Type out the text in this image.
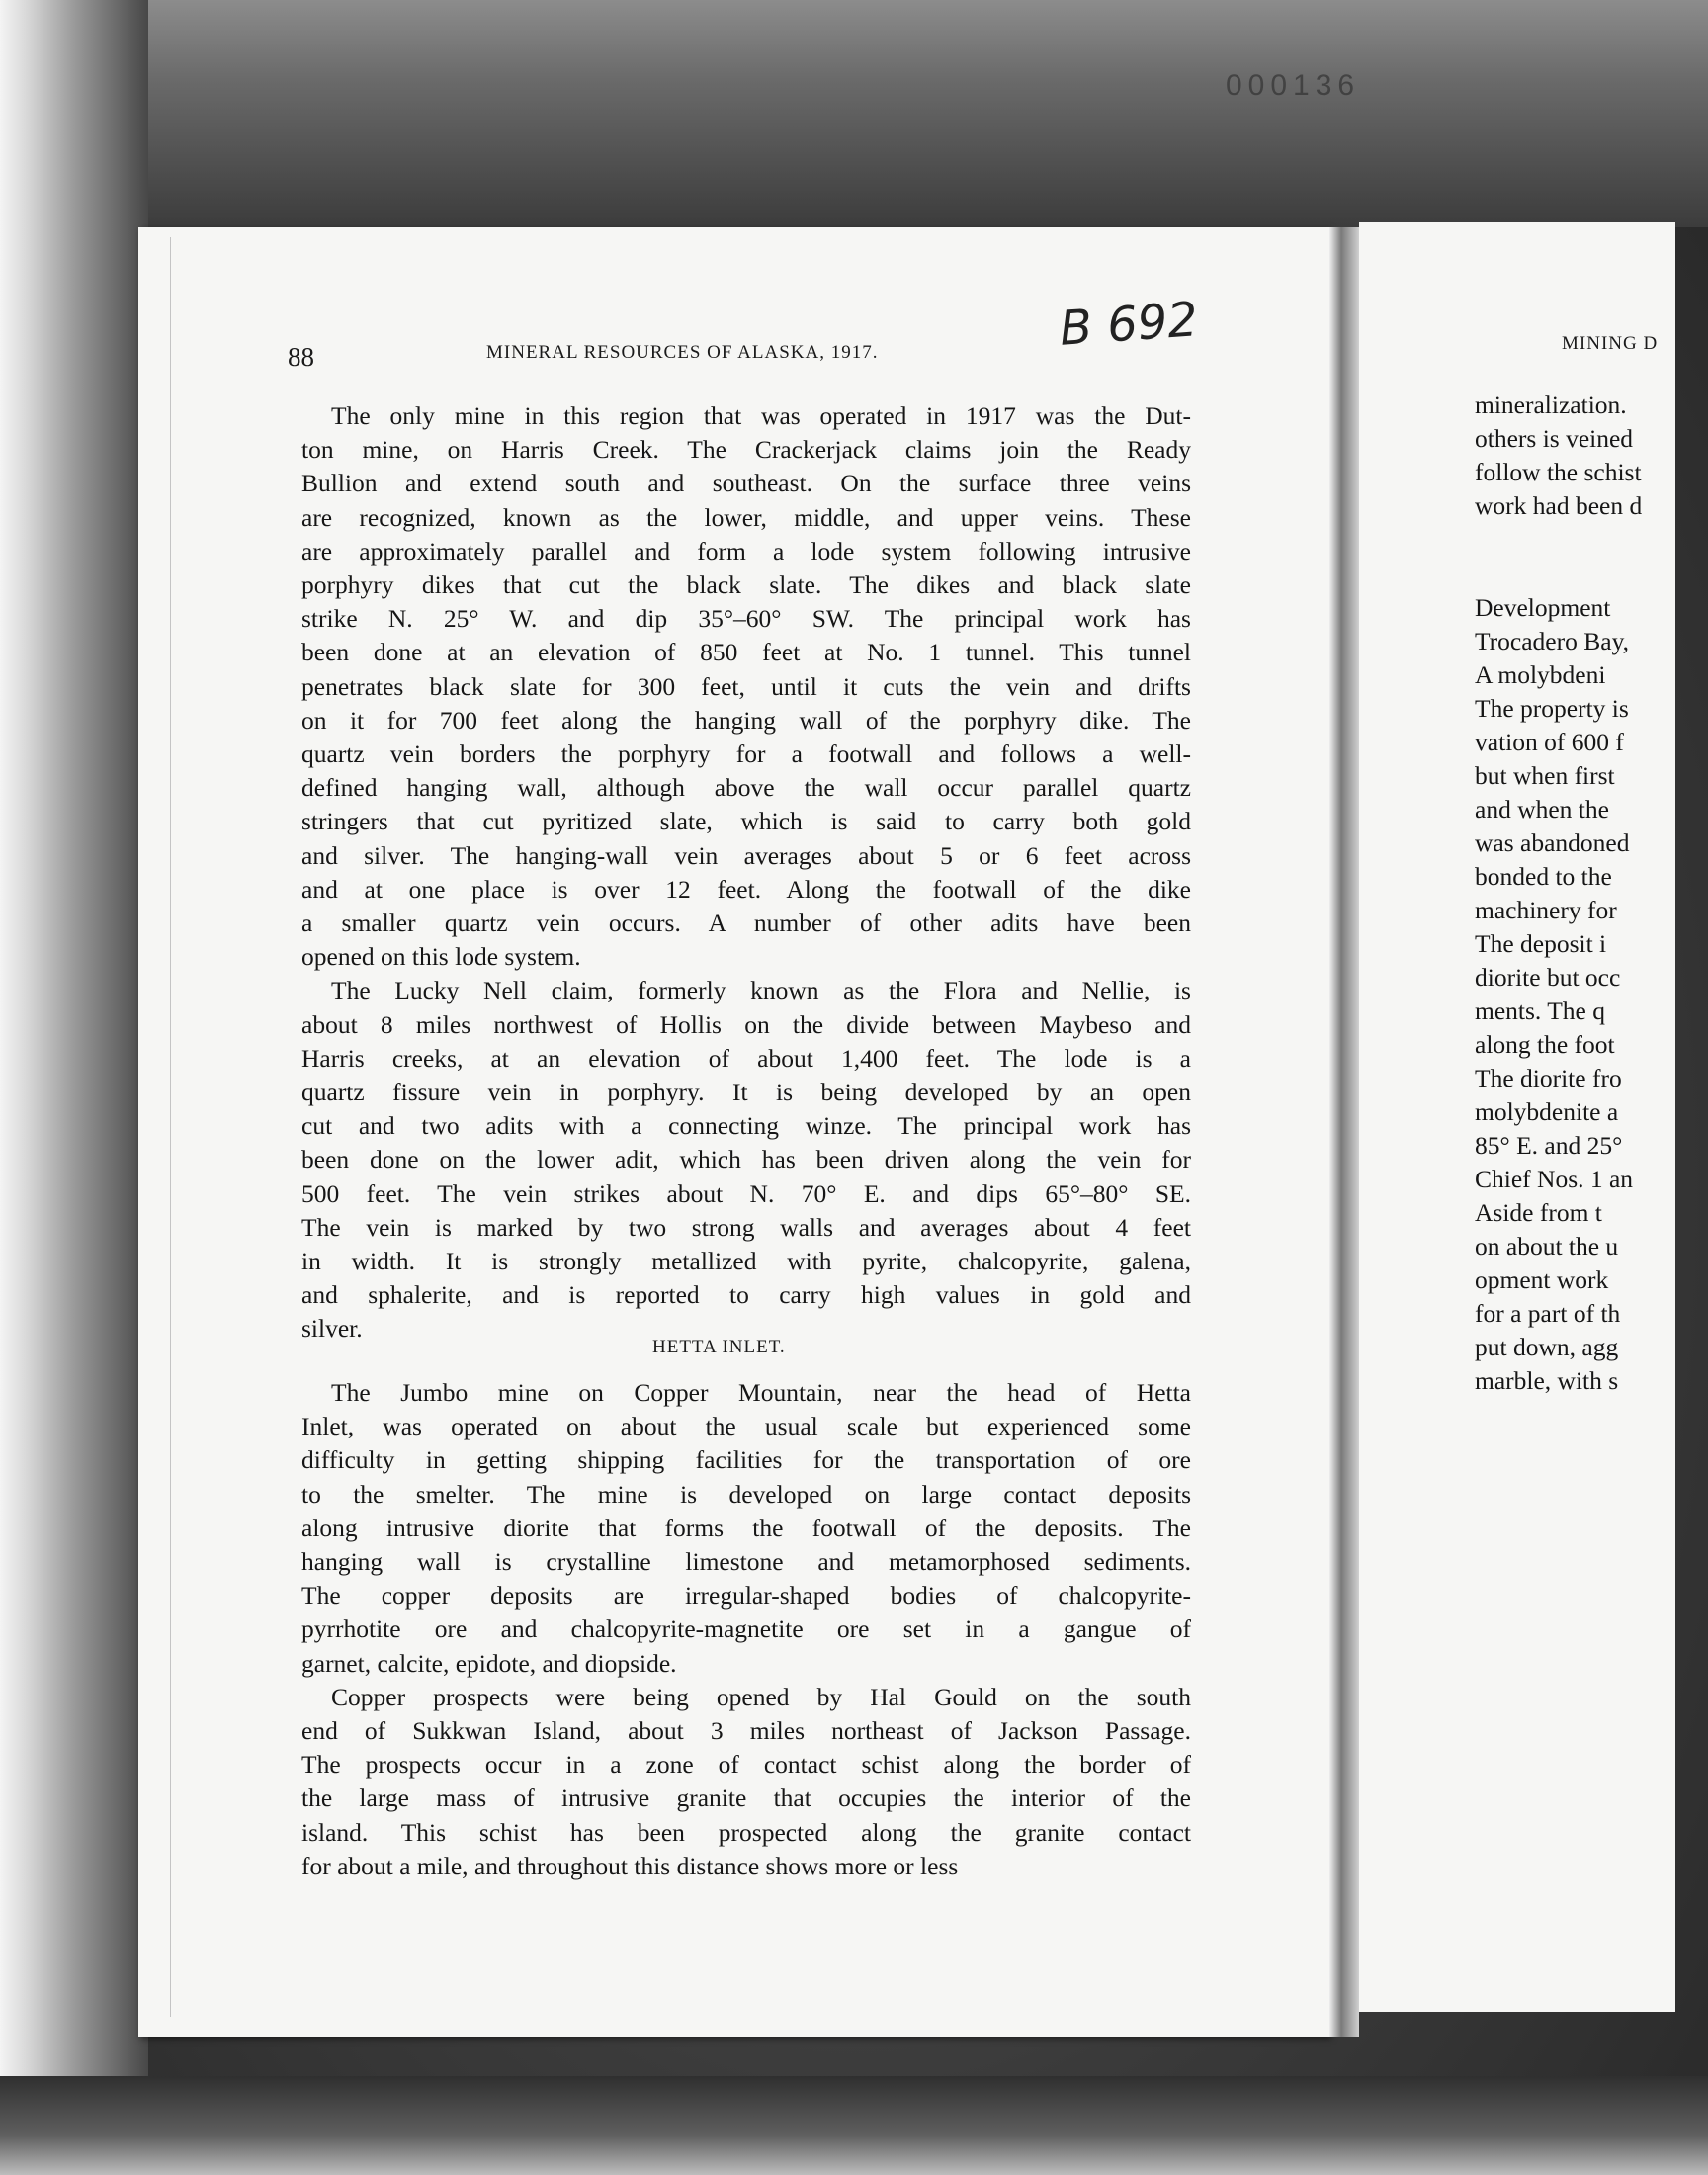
000136
MINING D

mineralization.

others is veined

follow the schist

work had been d

Development

Trocadero Bay,

A molybdeni

The property is

vation of 600 f

but when first

and when the

was abandoned

bonded to the

machinery for

The deposit i

diorite but occ

ments. The q

along the foot

The diorite fro

molybdenite a

85° E. and 25°

Chief Nos. 1 an

Aside from t

on about the u

opment work

for a part of th

put down, agg

marble, with s

88	MINERAL RESOURCES OF ALASKA, 1917.	B 692
HETTA INLET.

The only mine in this region that was operated in 1917 was the Dut-

ton mine, on Harris Creek. The Crackerjack claims join the Ready

Bullion and extend south and southeast. On the surface three veins

are recognized, known as the lower, middle, and upper veins. These

are approximately parallel and form a lode system following intrusive

porphyry dikes that cut the black slate. The dikes and black slate

strike N. 25° W. and dip 35°–60° SW. The principal work has

been done at an elevation of 850 feet at No. 1 tunnel. This tunnel

penetrates black slate for 300 feet, until it cuts the vein and drifts

on it for 700 feet along the hanging wall of the porphyry dike. The

quartz vein borders the porphyry for a footwall and follows a well-

defined hanging wall, although above the wall occur parallel quartz

stringers that cut pyritized slate, which is said to carry both gold

and silver. The hanging-wall vein averages about 5 or 6 feet across

and at one place is over 12 feet. Along the footwall of the dike

a smaller quartz vein occurs. A number of other adits have been

opened on this lode system.

The Lucky Nell claim, formerly known as the Flora and Nellie, is

about 8 miles northwest of Hollis on the divide between Maybeso and

Harris creeks, at an elevation of about 1,400 feet. The lode is a

quartz fissure vein in porphyry. It is being developed by an open

cut and two adits with a connecting winze. The principal work has

been done on the lower adit, which has been driven along the vein for

500 feet. The vein strikes about N. 70° E. and dips 65°–80° SE.

The vein is marked by two strong walls and averages about 4 feet

in width. It is strongly metallized with pyrite, chalcopyrite, galena,

and sphalerite, and is reported to carry high values in gold and

silver.

The Jumbo mine on Copper Mountain, near the head of Hetta

Inlet, was operated on about the usual scale but experienced some

difficulty in getting shipping facilities for the transportation of ore

to the smelter. The mine is developed on large contact deposits

along intrusive diorite that forms the footwall of the deposits. The

hanging wall is crystalline limestone and metamorphosed sediments.

The copper deposits are irregular-shaped bodies of chalcopyrite-

pyrrhotite ore and chalcopyrite-magnetite ore set in a gangue of

garnet, calcite, epidote, and diopside.

Copper prospects were being opened by Hal Gould on the south

end of Sukkwan Island, about 3 miles northeast of Jackson Passage.

The prospects occur in a zone of contact schist along the border of

the large mass of intrusive granite that occupies the interior of the

island. This schist has been prospected along the granite contact

for about a mile, and throughout this distance shows more or less
